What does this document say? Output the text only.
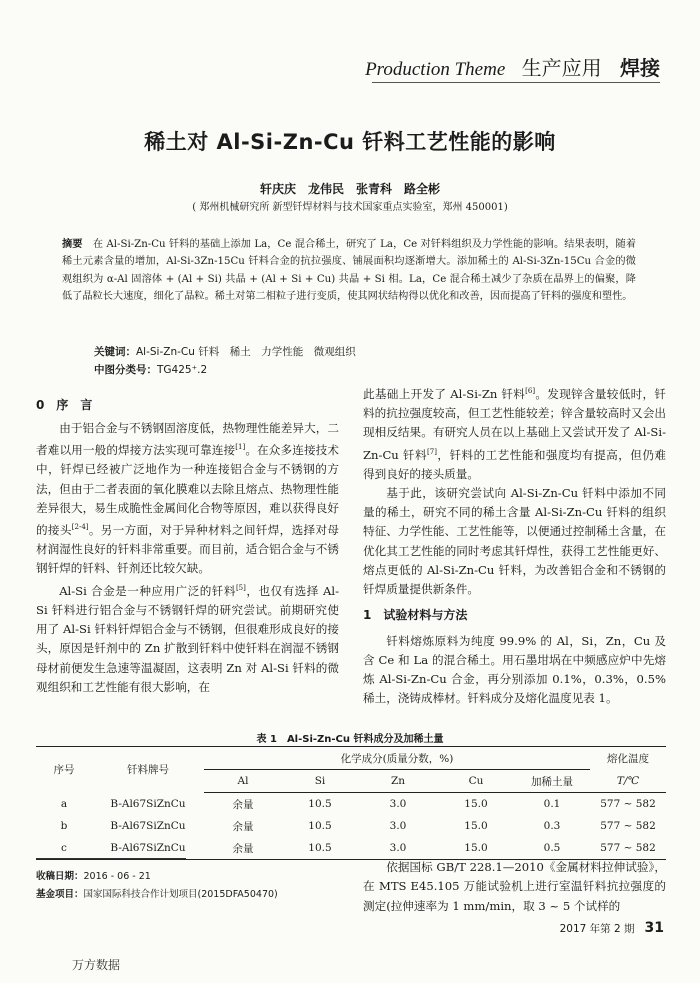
Production Theme 生产应用 焊接
稀土对 Al-Si-Zn-Cu 钎料工艺性能的影响
轩庆庆　龙伟民　张青科　路全彬
( 郑州机械研究所 新型钎焊材料与技术国家重点实验室，郑州 450001)
摘要　 在 Al-Si-Zn-Cu 钎料的基础上添加 La，Ce 混合稀土，研究了 La，Ce 对钎料组织及力学性能的影响。结果表明，随着稀土元素含量的增加，Al-Si-3Zn-15Cu 钎料合金的抗拉强度、铺展面积均逐渐增大。添加稀土的 Al-Si-3Zn-15Cu 合金的微观组织为 α-Al 固溶体 + (Al + Si) 共晶 + (Al + Si + Cu) 共晶 + Si 相。La，Ce 混合稀土减少了杂质在晶界上的偏聚，降低了晶粒长大速度，细化了晶粒。稀土对第二相粒子进行变质，使其网状结构得以优化和改善，因而提高了钎料的强度和塑性。
关键词：Al-Si-Zn-Cu 钎料　稀土　力学性能　微观组织
中图分类号：TG425⁺.2
0　 序　言

由于铝合金与不锈钢固溶度低，热物理性能差异大，二者难以用一般的焊接方法实现可靠连接[1]。在众多连接技术中，钎焊已经被广泛地作为一种连接铝合金与不锈钢的方法，但由于二者表面的氧化膜难以去除且熔点、热物理性能差异很大，易生成脆性金属间化合物等原因，难以获得良好的接头[2-4]。另一方面，对于异种材料之间钎焊，选择对母材润湿性良好的钎料非常重要。而目前，适合铝合金与不锈钢钎焊的钎料、钎剂还比较欠缺。

Al-Si 合金是一种应用广泛的钎料[5]，也仅有选择 Al-Si 钎料进行铝合金与不锈钢钎焊的研究尝试。前期研究使用了 Al-Si 钎料钎焊铝合金与不锈钢，但很难形成良好的接头，原因是钎剂中的 Zn 扩散到钎料中使钎料在润湿不锈钢母材前便发生急速等温凝固，这表明 Zn 对 Al-Si 钎料的微观组织和工艺性能有很大影响，在

此基础上开发了 Al-Si-Zn 钎料[6]。发现锌含量较低时，钎料的抗拉强度较高，但工艺性能较差；锌含量较高时又会出现相反结果。有研究人员在以上基础上又尝试开发了 Al-Si-Zn-Cu 钎料[7]，钎料的工艺性能和强度均有提高，但仍难得到良好的接头质量。

基于此，该研究尝试向 Al-Si-Zn-Cu 钎料中添加不同量的稀土，研究不同的稀土含量 Al-Si-Zn-Cu 钎料的组织特征、力学性能、工艺性能等，以便通过控制稀土含量，在优化其工艺性能的同时考虑其钎焊性，获得工艺性能更好、熔点更低的 Al-Si-Zn-Cu 钎料，为改善铝合金和不锈钢的钎焊质量提供新条件。

1　试验材料与方法

钎料熔炼原料为纯度 99.9% 的 Al，Si，Zn，Cu 及含 Ce 和 La 的混合稀土。用石墨坩埚在中频感应炉中先熔炼 Al-Si-Zn-Cu 合金，再分别添加 0.1%，0.3%，0.5% 稀土，浇铸成棒材。钎料成分及熔化温度见表 1。

表 1　Al-Si-Zn-Cu 钎料成分及加稀土量
序号	钎料牌号	化学成分(质量分数，%)					熔化温度
		Al	Si	Zn	Cu	加稀土量	T/℃
a	B-Al67SiZnCu	余量	10.5	3.0	15.0	0.1	577 ~ 582
b	B-Al67SiZnCu	余量	10.5	3.0	15.0	0.3	577 ~ 582
c	B-Al67SiZnCu	余量	10.5	3.0	15.0	0.5	577 ~ 582

依据国标 GB/T 228.1—2010《金属材料拉伸试验》，在 MTS E45.105 万能试验机上进行室温钎料抗拉强度的测定(拉伸速率为 1 mm/min，取 3 ~ 5 个试样的

收稿日期：2016 - 06 - 21
基金项目：国家国际科技合作计划项目(2015DFA50470)
2017 年第 2 期 31
万方数据
